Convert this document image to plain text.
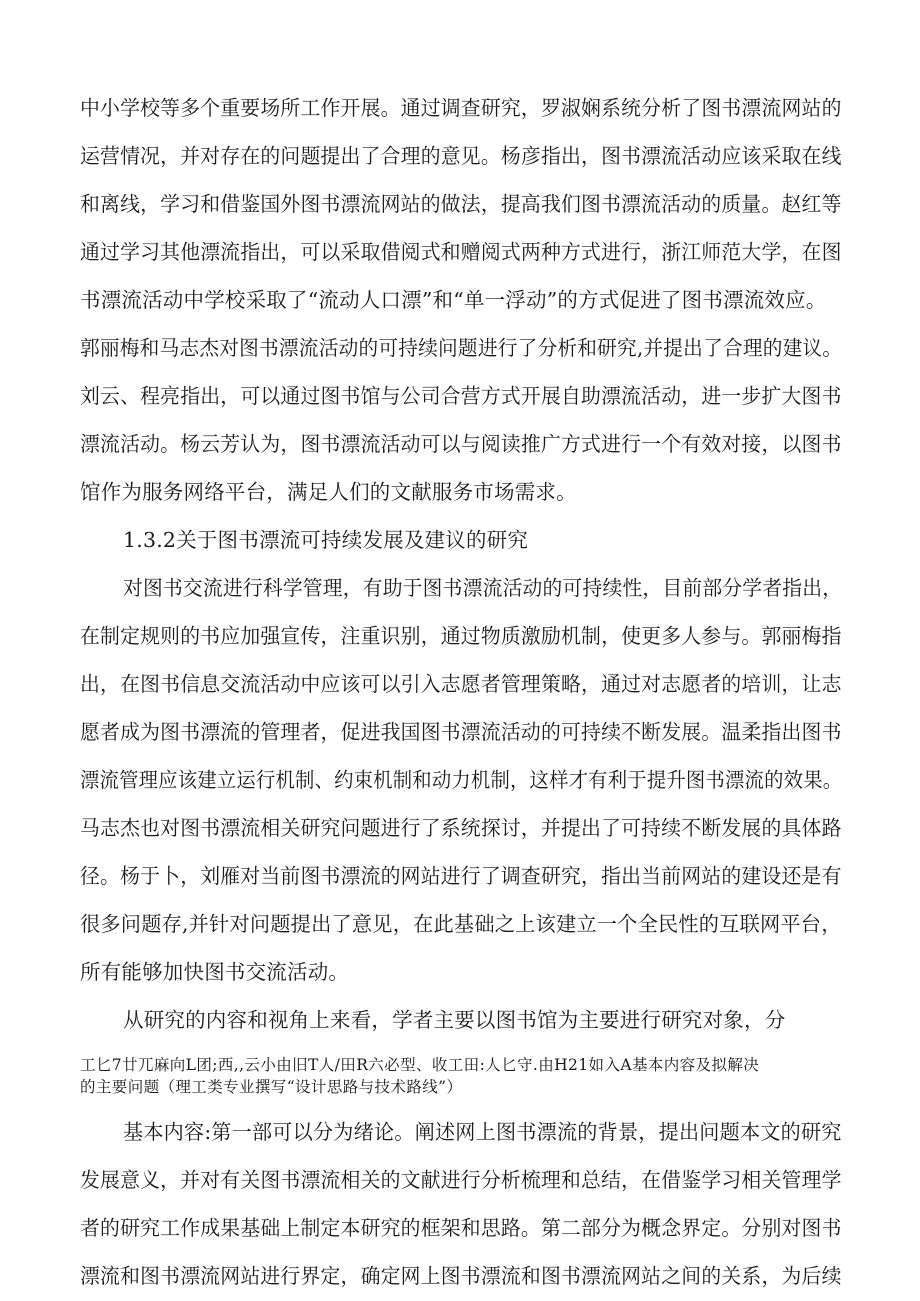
中小学校等多个重要场所工作开展。通过调查研究，罗淑娴系统分析了图书漂流网站的
运营情况，并对存在的问题提出了合理的意见。杨彦指出，图书漂流活动应该采取在线
和离线，学习和借鉴国外图书漂流网站的做法，提高我们图书漂流活动的质量。赵红等
通过学习其他漂流指出，可以采取借阅式和赠阅式两种方式进行，浙江师范大学，在图
书漂流活动中学校采取了“流动人口漂”和“单一浮动”的方式促进了图书漂流效应。
郭丽梅和马志杰对图书漂流活动的可持续问题进行了分析和研究,并提出了合理的建议。
刘云、程亮指出，可以通过图书馆与公司合营方式开展自助漂流活动，进一步扩大图书
漂流活动。杨云芳认为，图书漂流活动可以与阅读推广方式进行一个有效对接，以图书
馆作为服务网络平台，满足人们的文献服务市场需求。
1.3.2关于图书漂流可持续发展及建议的研究
对图书交流进行科学管理，有助于图书漂流活动的可持续性，目前部分学者指出，
在制定规则的书应加强宣传，注重识别，通过物质激励机制，使更多人参与。郭丽梅指
出，在图书信息交流活动中应该可以引入志愿者管理策略，通过对志愿者的培训，让志
愿者成为图书漂流的管理者，促进我国图书漂流活动的可持续不断发展。温柔指出图书
漂流管理应该建立运行机制、约束机制和动力机制，这样才有利于提升图书漂流的效果。
马志杰也对图书漂流相关研究问题进行了系统探讨，并提出了可持续不断发展的具体路
径。杨于卜，刘雁对当前图书漂流的网站进行了调查研究，指出当前网站的建设还是有
很多问题存,并针对问题提出了意见，在此基础之上该建立一个全民性的互联网平台，
所有能够加快图书交流活动。
从研究的内容和视角上来看，学者主要以图书馆为主要进行研究对象，分
工匕7廿兀麻向L团;西,,云小由旧T人/田R六必型、收工田:人匕守.由H21如入A基本内容及拟解决
的主要问题（理工类专业撰写“设计思路与技术路线”）
基本内容:第一部可以分为绪论。阐述网上图书漂流的背景，提出问题本文的研究
发展意义，并对有关图书漂流相关的文献进行分析梳理和总结，在借鉴学习相关管理学
者的研究工作成果基础上制定本研究的框架和思路。第二部分为概念界定。分别对图书
漂流和图书漂流网站进行界定，确定网上图书漂流和图书漂流网站之间的关系，为后续
